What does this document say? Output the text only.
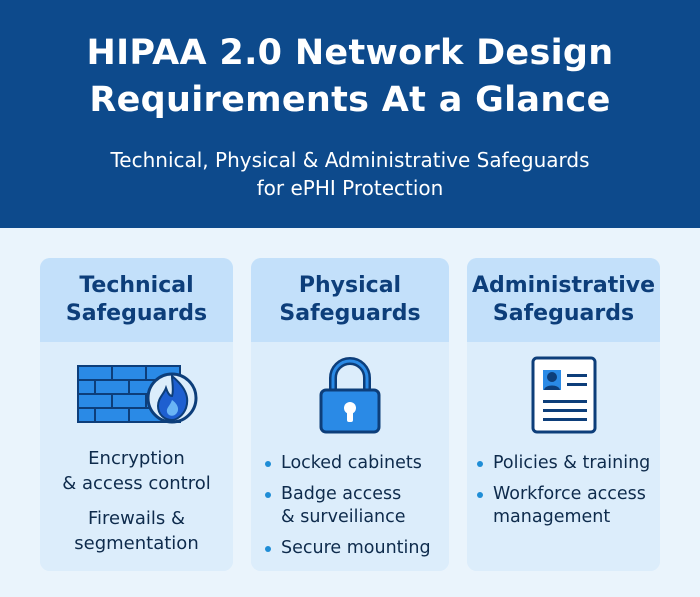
HIPAA 2.0 Network Design
Requirements At a Glance
Technical, Physical & Administrative Safeguards
for ePHI Protection
Technical
Safeguards
Encryption
& access control
Firewails &
segmentation
Physical
Safeguards
Locked cabinets
Badge access
& surveiliance
Secure mounting
Administrative
Safeguards
Policies & training
Workforce access
management
